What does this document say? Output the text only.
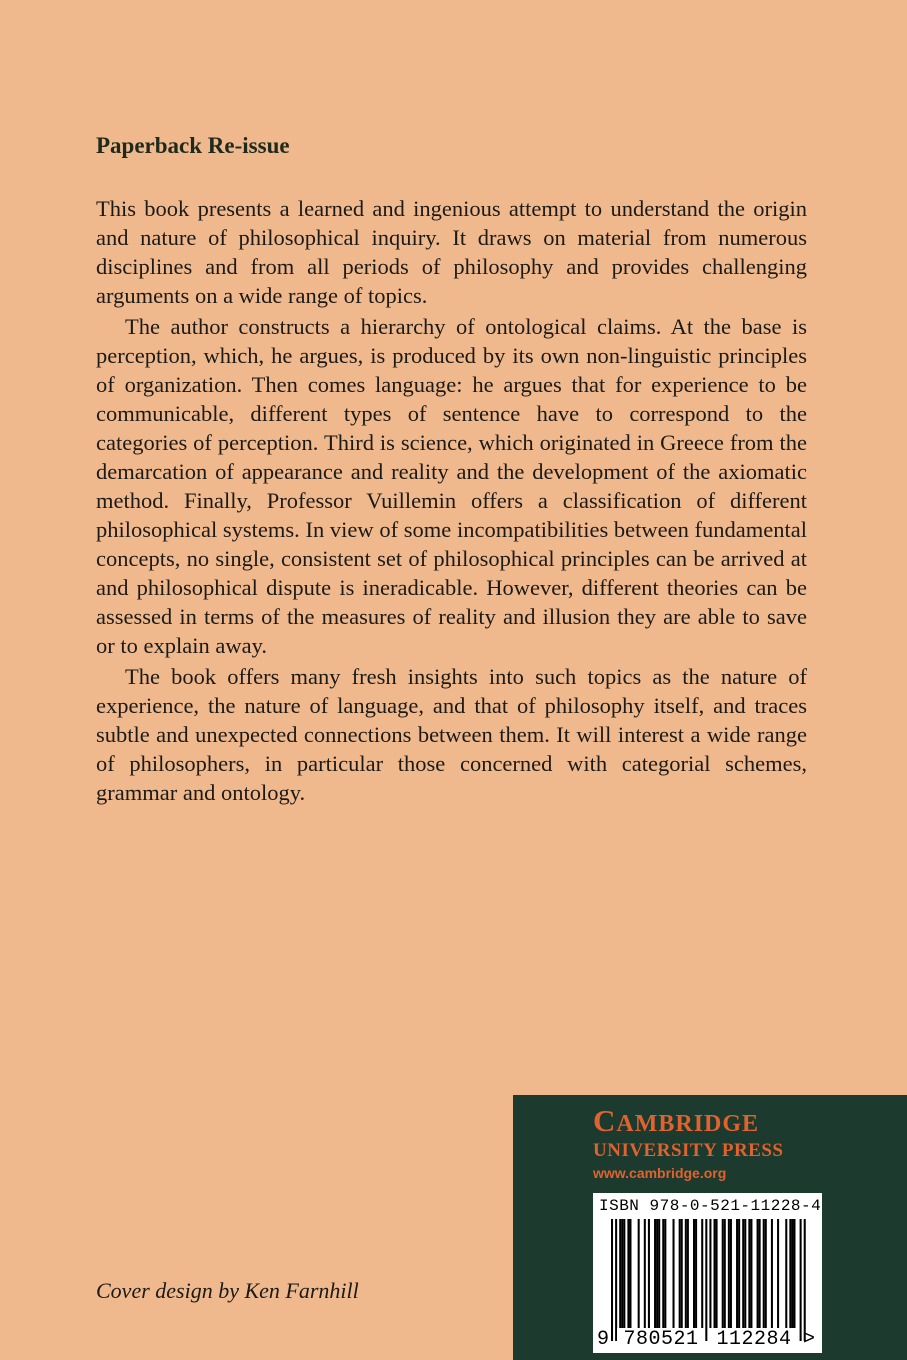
Paperback Re-issue

This book presents a learned and ingenious attempt to understand the origin and nature of philosophical inquiry. It draws on material from numerous disciplines and from all periods of philosophy and provides challenging arguments on a wide range of topics.

The author constructs a hierarchy of ontological claims. At the base is perception, which, he argues, is produced by its own non-linguistic principles of organization. Then comes language: he argues that for experience to be communicable, different types of sentence have to correspond to the categories of perception. Third is science, which originated in Greece from the demarcation of appearance and reality and the development of the axiomatic method. Finally, Professor Vuillemin offers a classification of different philosophical systems. In view of some incompatibilities between fundamental concepts, no single, consistent set of philosophical principles can be arrived at and philosophical dispute is ineradicable. However, different theories can be assessed in terms of the measures of reality and illusion they are able to save or to explain away.

The book offers many fresh insights into such topics as the nature of experience, the nature of language, and that of philosophy itself, and traces subtle and unexpected connections between them. It will interest a wide range of philosophers, in particular those concerned with categorial schemes, grammar and ontology.

Cover design by Ken Farnhill

CAMBRIDGE
UNIVERSITY PRESS
www.cambridge.org
ISBN 978-0-521-11228-4
9 780521 112284 >
